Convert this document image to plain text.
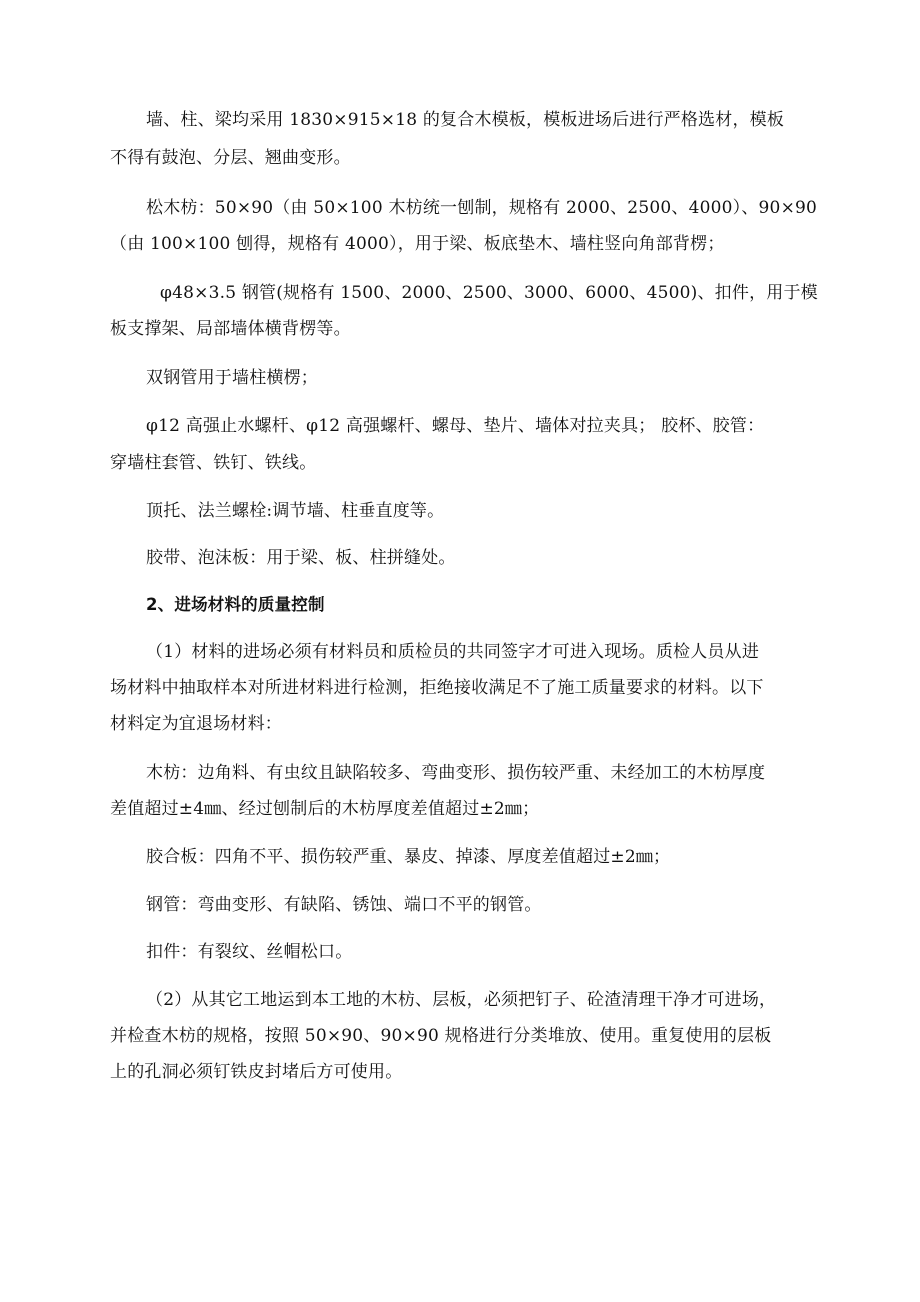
墙、柱、梁均采用 1830×915×18 的复合木模板，模板进场后进行严格选材，模板
不得有鼓泡、分层、翘曲变形。
松木枋：50×90（由 50×100 木枋统一刨制，规格有 2000、2500、4000）、90×90
（由 100×100 刨得，规格有 4000），用于梁、板底垫木、墙柱竖向角部背楞；
φ48×3.5 钢管(规格有 1500、2000、2500、3000、6000、4500)、扣件，用于模
板支撑架、局部墙体横背楞等。
双钢管用于墙柱横楞；
φ12 高强止水螺杆、φ12 高强螺杆、螺母、垫片、墙体对拉夹具； 胶杯、胶管：
穿墙柱套管、铁钉、铁线。
顶托、法兰螺栓:调节墙、柱垂直度等。
胶带、泡沫板：用于梁、板、柱拼缝处。
2、进场材料的质量控制
（1）材料的进场必须有材料员和质检员的共同签字才可进入现场。质检人员从进
场材料中抽取样本对所进材料进行检测，拒绝接收满足不了施工质量要求的材料。以下
材料定为宜退场材料：
木枋：边角料、有虫纹且缺陷较多、弯曲变形、损伤较严重、未经加工的木枋厚度
差值超过±4㎜、经过刨制后的木枋厚度差值超过±2㎜；
胶合板：四角不平、损伤较严重、暴皮、掉漆、厚度差值超过±2㎜；
钢管：弯曲变形、有缺陷、锈蚀、端口不平的钢管。
扣件：有裂纹、丝帽松口。
（2）从其它工地运到本工地的木枋、层板，必须把钉子、砼渣清理干净才可进场，
并检查木枋的规格，按照 50×90、90×90 规格进行分类堆放、使用。重复使用的层板
上的孔洞必须钉铁皮封堵后方可使用。
